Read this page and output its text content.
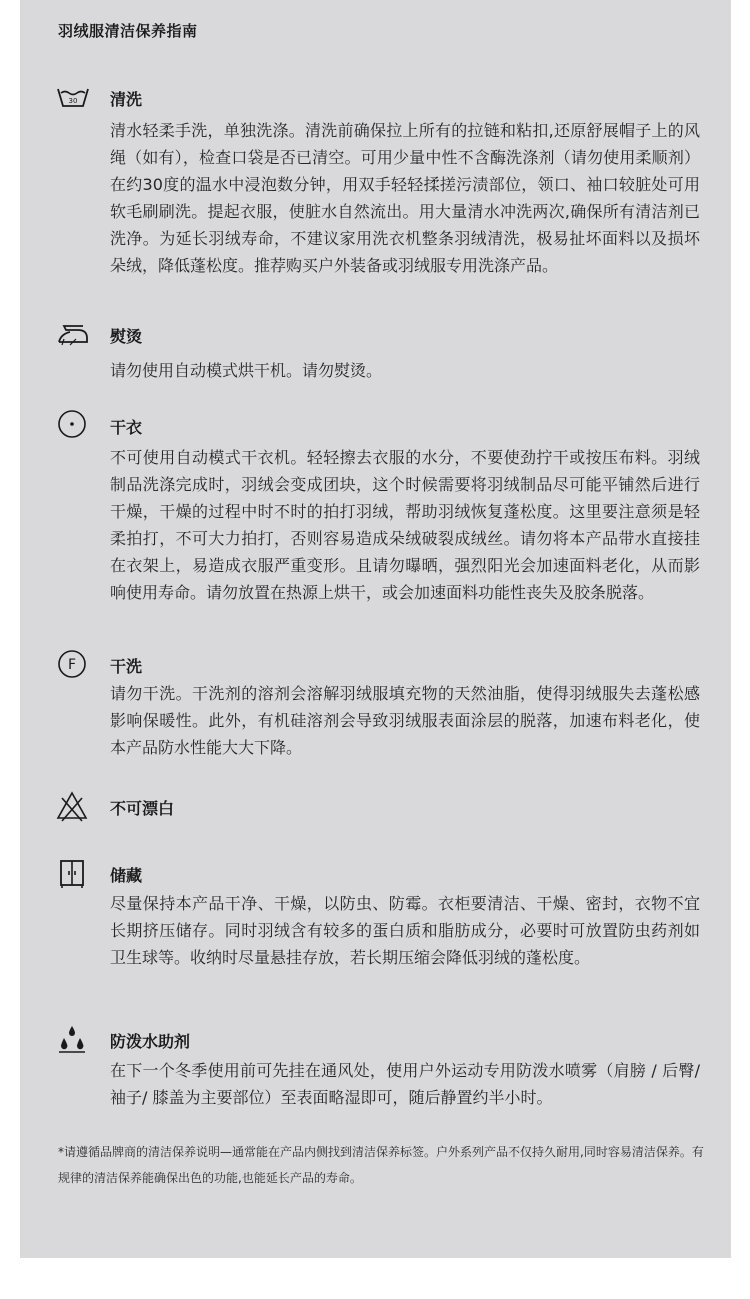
羽绒服清洁保养指南
30 清洗
清水轻柔手洗，单独洗涤。清洗前确保拉上所有的拉链和粘扣,还原舒展帽子上的风绳（如有），检查口袋是否已清空。可用少量中性不含酶洗涤剂（请勿使用柔顺剂）在约30度的温水中浸泡数分钟，用双手轻轻揉搓污渍部位，领口、袖口较脏处可用软毛刷刷洗。提起衣服，使脏水自然流出。用大量清水冲洗两次,确保所有清洁剂已洗净。为延长羽绒寿命，不建议家用洗衣机整条羽绒清洗，极易扯坏面料以及损坏朵绒，降低蓬松度。推荐购买户外装备或羽绒服专用洗涤产品。
熨烫
请勿使用自动模式烘干机。请勿熨烫。
干衣
不可使用自动模式干衣机。轻轻擦去衣服的水分，不要使劲拧干或按压布料。羽绒制品洗涤完成时，羽绒会变成团块，这个时候需要将羽绒制品尽可能平铺然后进行干燥，干燥的过程中时不时的拍打羽绒，帮助羽绒恢复蓬松度。这里要注意须是轻柔拍打，不可大力拍打，否则容易造成朵绒破裂成绒丝。请勿将本产品带水直接挂在衣架上，易造成衣服严重变形。且请勿曝晒，强烈阳光会加速面料老化，从而影响使用寿命。请勿放置在热源上烘干，或会加速面料功能性丧失及胶条脱落。
F 干洗
请勿干洗。干洗剂的溶剂会溶解羽绒服填充物的天然油脂，使得羽绒服失去蓬松感影响保暖性。此外，有机硅溶剂会导致羽绒服表面涂层的脱落，加速布料老化，使本产品防水性能大大下降。
不可漂白
储藏
尽量保持本产品干净、干燥，以防虫、防霉。衣柜要清洁、干燥、密封，衣物不宜长期挤压储存。同时羽绒含有较多的蛋白质和脂肪成分，必要时可放置防虫药剂如卫生球等。收纳时尽量悬挂存放，若长期压缩会降低羽绒的蓬松度。
防泼水助剂
在下一个冬季使用前可先挂在通风处，使用户外运动专用防泼水喷雾（肩膀 / 后臀/袖子/ 膝盖为主要部位）至表面略湿即可，随后静置约半小时。
*请遵循品牌商的清洁保养说明—通常能在产品内侧找到清洁保养标签。户外系列产品不仅持久耐用,同时容易清洁保养。有规律的清洁保养能确保出色的功能,也能延长产品的寿命。
